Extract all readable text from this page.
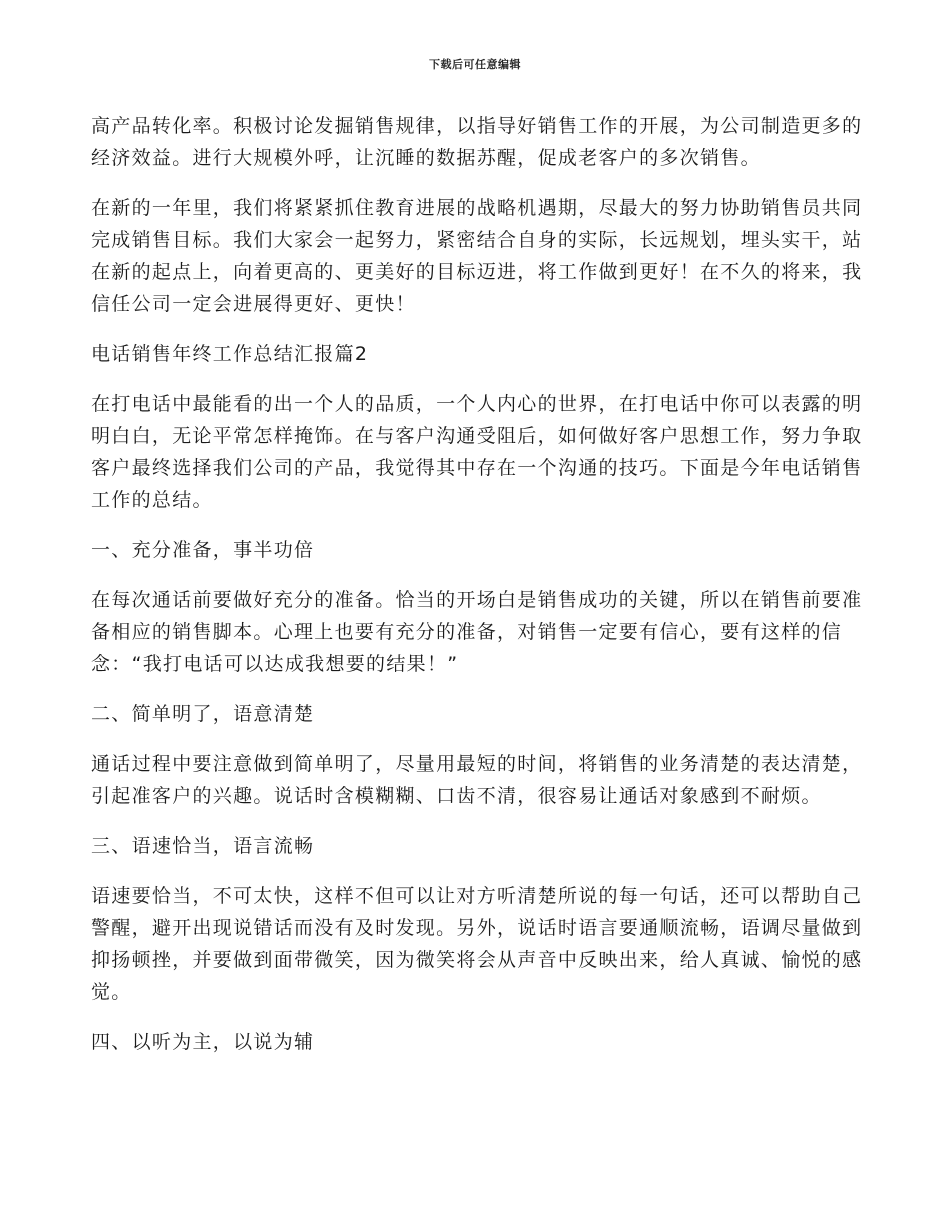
下载后可任意编辑

高产品转化率。积极讨论发掘销售规律，以指导好销售工作的开展，为公司制造更多的经济效益。进行大规模外呼，让沉睡的数据苏醒，促成老客户的多次销售。

在新的一年里，我们将紧紧抓住教育进展的战略机遇期，尽最大的努力协助销售员共同完成销售目标。我们大家会一起努力，紧密结合自身的实际，长远规划，埋头实干，站在新的起点上，向着更高的、更美好的目标迈进，将工作做到更好！在不久的将来，我信任公司一定会进展得更好、更快！

电话销售年终工作总结汇报篇2

在打电话中最能看的出一个人的品质，一个人内心的世界，在打电话中你可以表露的明明白白，无论平常怎样掩饰。在与客户沟通受阻后，如何做好客户思想工作，努力争取客户最终选择我们公司的产品，我觉得其中存在一个沟通的技巧。下面是今年电话销售工作的总结。

一、充分准备，事半功倍

在每次通话前要做好充分的准备。恰当的开场白是销售成功的关键，所以在销售前要准备相应的销售脚本。心理上也要有充分的准备，对销售一定要有信心，要有这样的信念：“我打电话可以达成我想要的结果！”

二、简单明了，语意清楚

通话过程中要注意做到简单明了，尽量用最短的时间，将销售的业务清楚的表达清楚，引起准客户的兴趣。说话时含模糊糊、口齿不清，很容易让通话对象感到不耐烦。

三、语速恰当，语言流畅

语速要恰当，不可太快，这样不但可以让对方听清楚所说的每一句话，还可以帮助自己警醒，避开出现说错话而没有及时发现。另外，说话时语言要通顺流畅，语调尽量做到抑扬顿挫，并要做到面带微笑，因为微笑将会从声音中反映出来，给人真诚、愉悦的感觉。

四、以听为主，以说为辅
